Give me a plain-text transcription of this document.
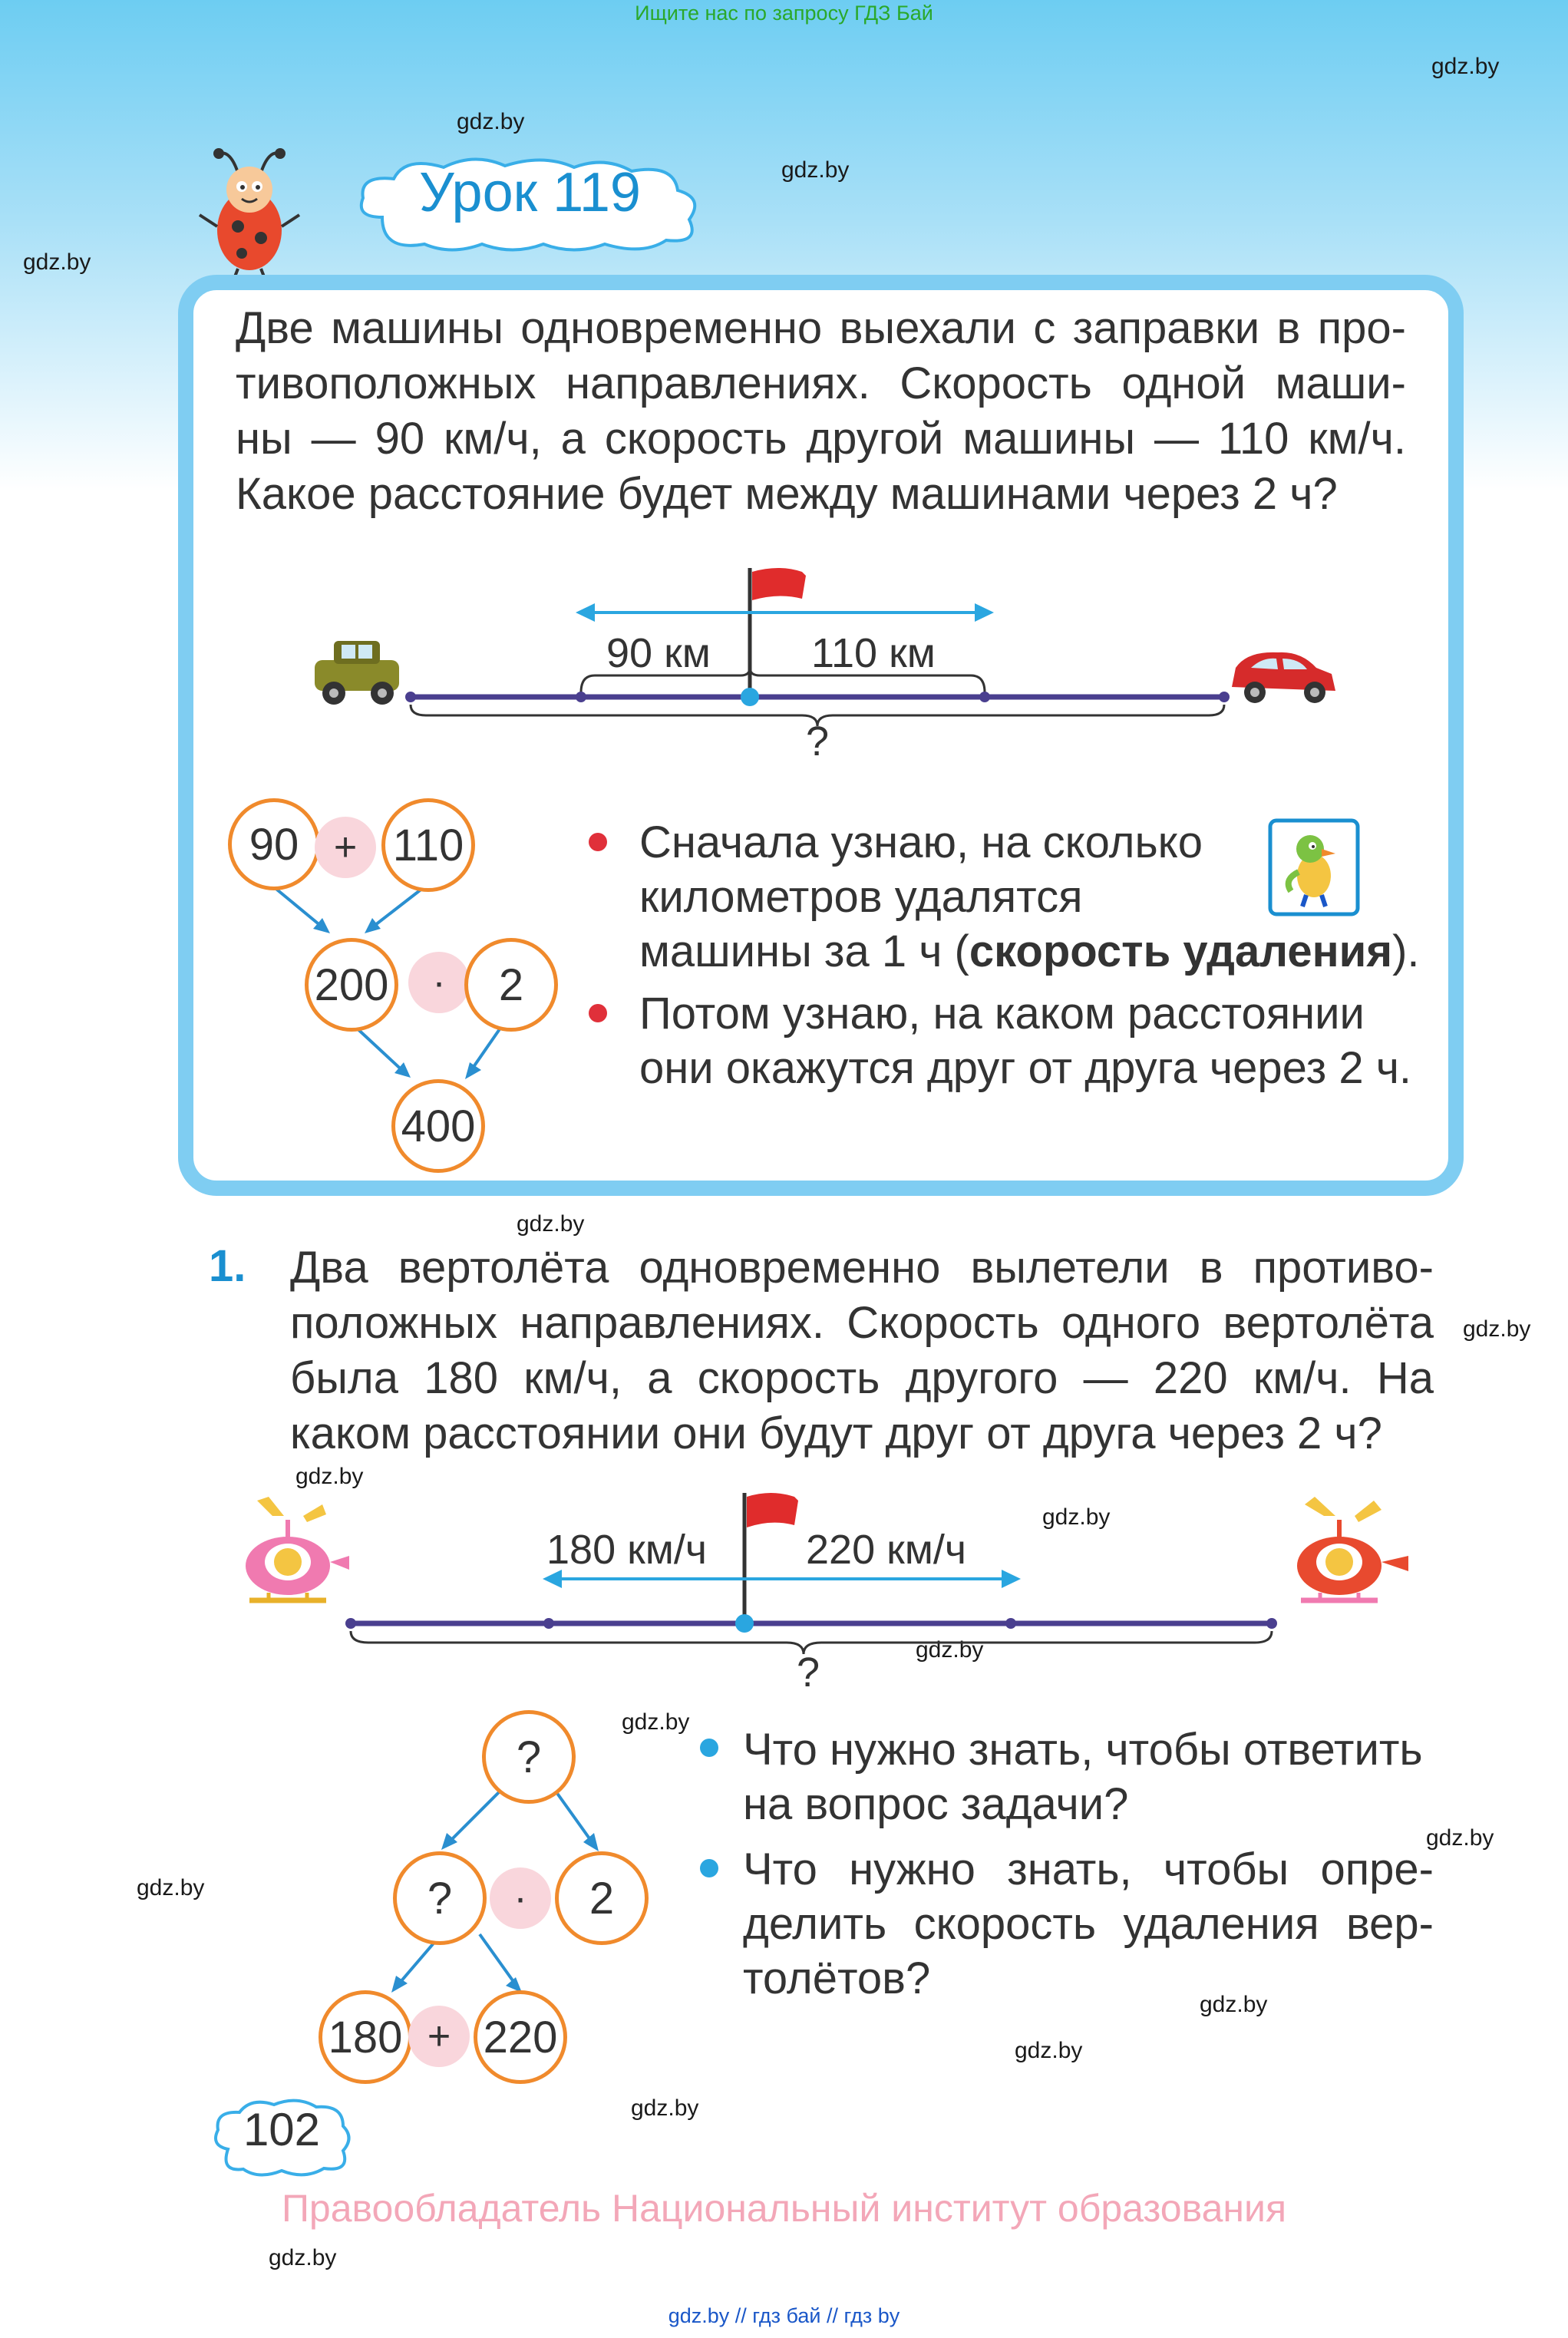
Ищите нас по запросу ГДЗ Бай
gdz.by
gdz.by
gdz.by
gdz.by
gdz.by
gdz.by
gdz.by
gdz.by
gdz.by
gdz.by
gdz.by
gdz.by
gdz.by
gdz.by
gdz.by
gdz.by
Урок 119
Две машины одновременно выехали с заправки в про-
тивоположных направлениях. Скорость одной маши-
ны — 90 км/ч, а скорость другой машины — 110 км/ч.
Какое расстояние будет между машинами через 2 ч?
90 км 110 км
?
90 + 110
200	·	2
400
Сначала узнаю, на сколько
километров удалятся
машины за 1 ч (скорость удаления).
Потом узнаю, на каком расстоянии
они окажутся друг от друга через 2 ч.
1. Два вертолёта одновременно вылетели в противо-
положных направлениях. Скорость одного вертолёта
была 180 км/ч, а скорость другого — 220 км/ч. На
каком расстоянии они будут друг от друга через 2 ч?
180 км/ч 220 км/ч
?
?
?	·	2
180 + 220
Что нужно знать, чтобы ответить
на вопрос задачи?
Что нужно знать, чтобы опре-
делить скорость удаления вер-
толётов?
102
Правообладатель Национальный институт образования
gdz.by // гдз бай // гдз by
